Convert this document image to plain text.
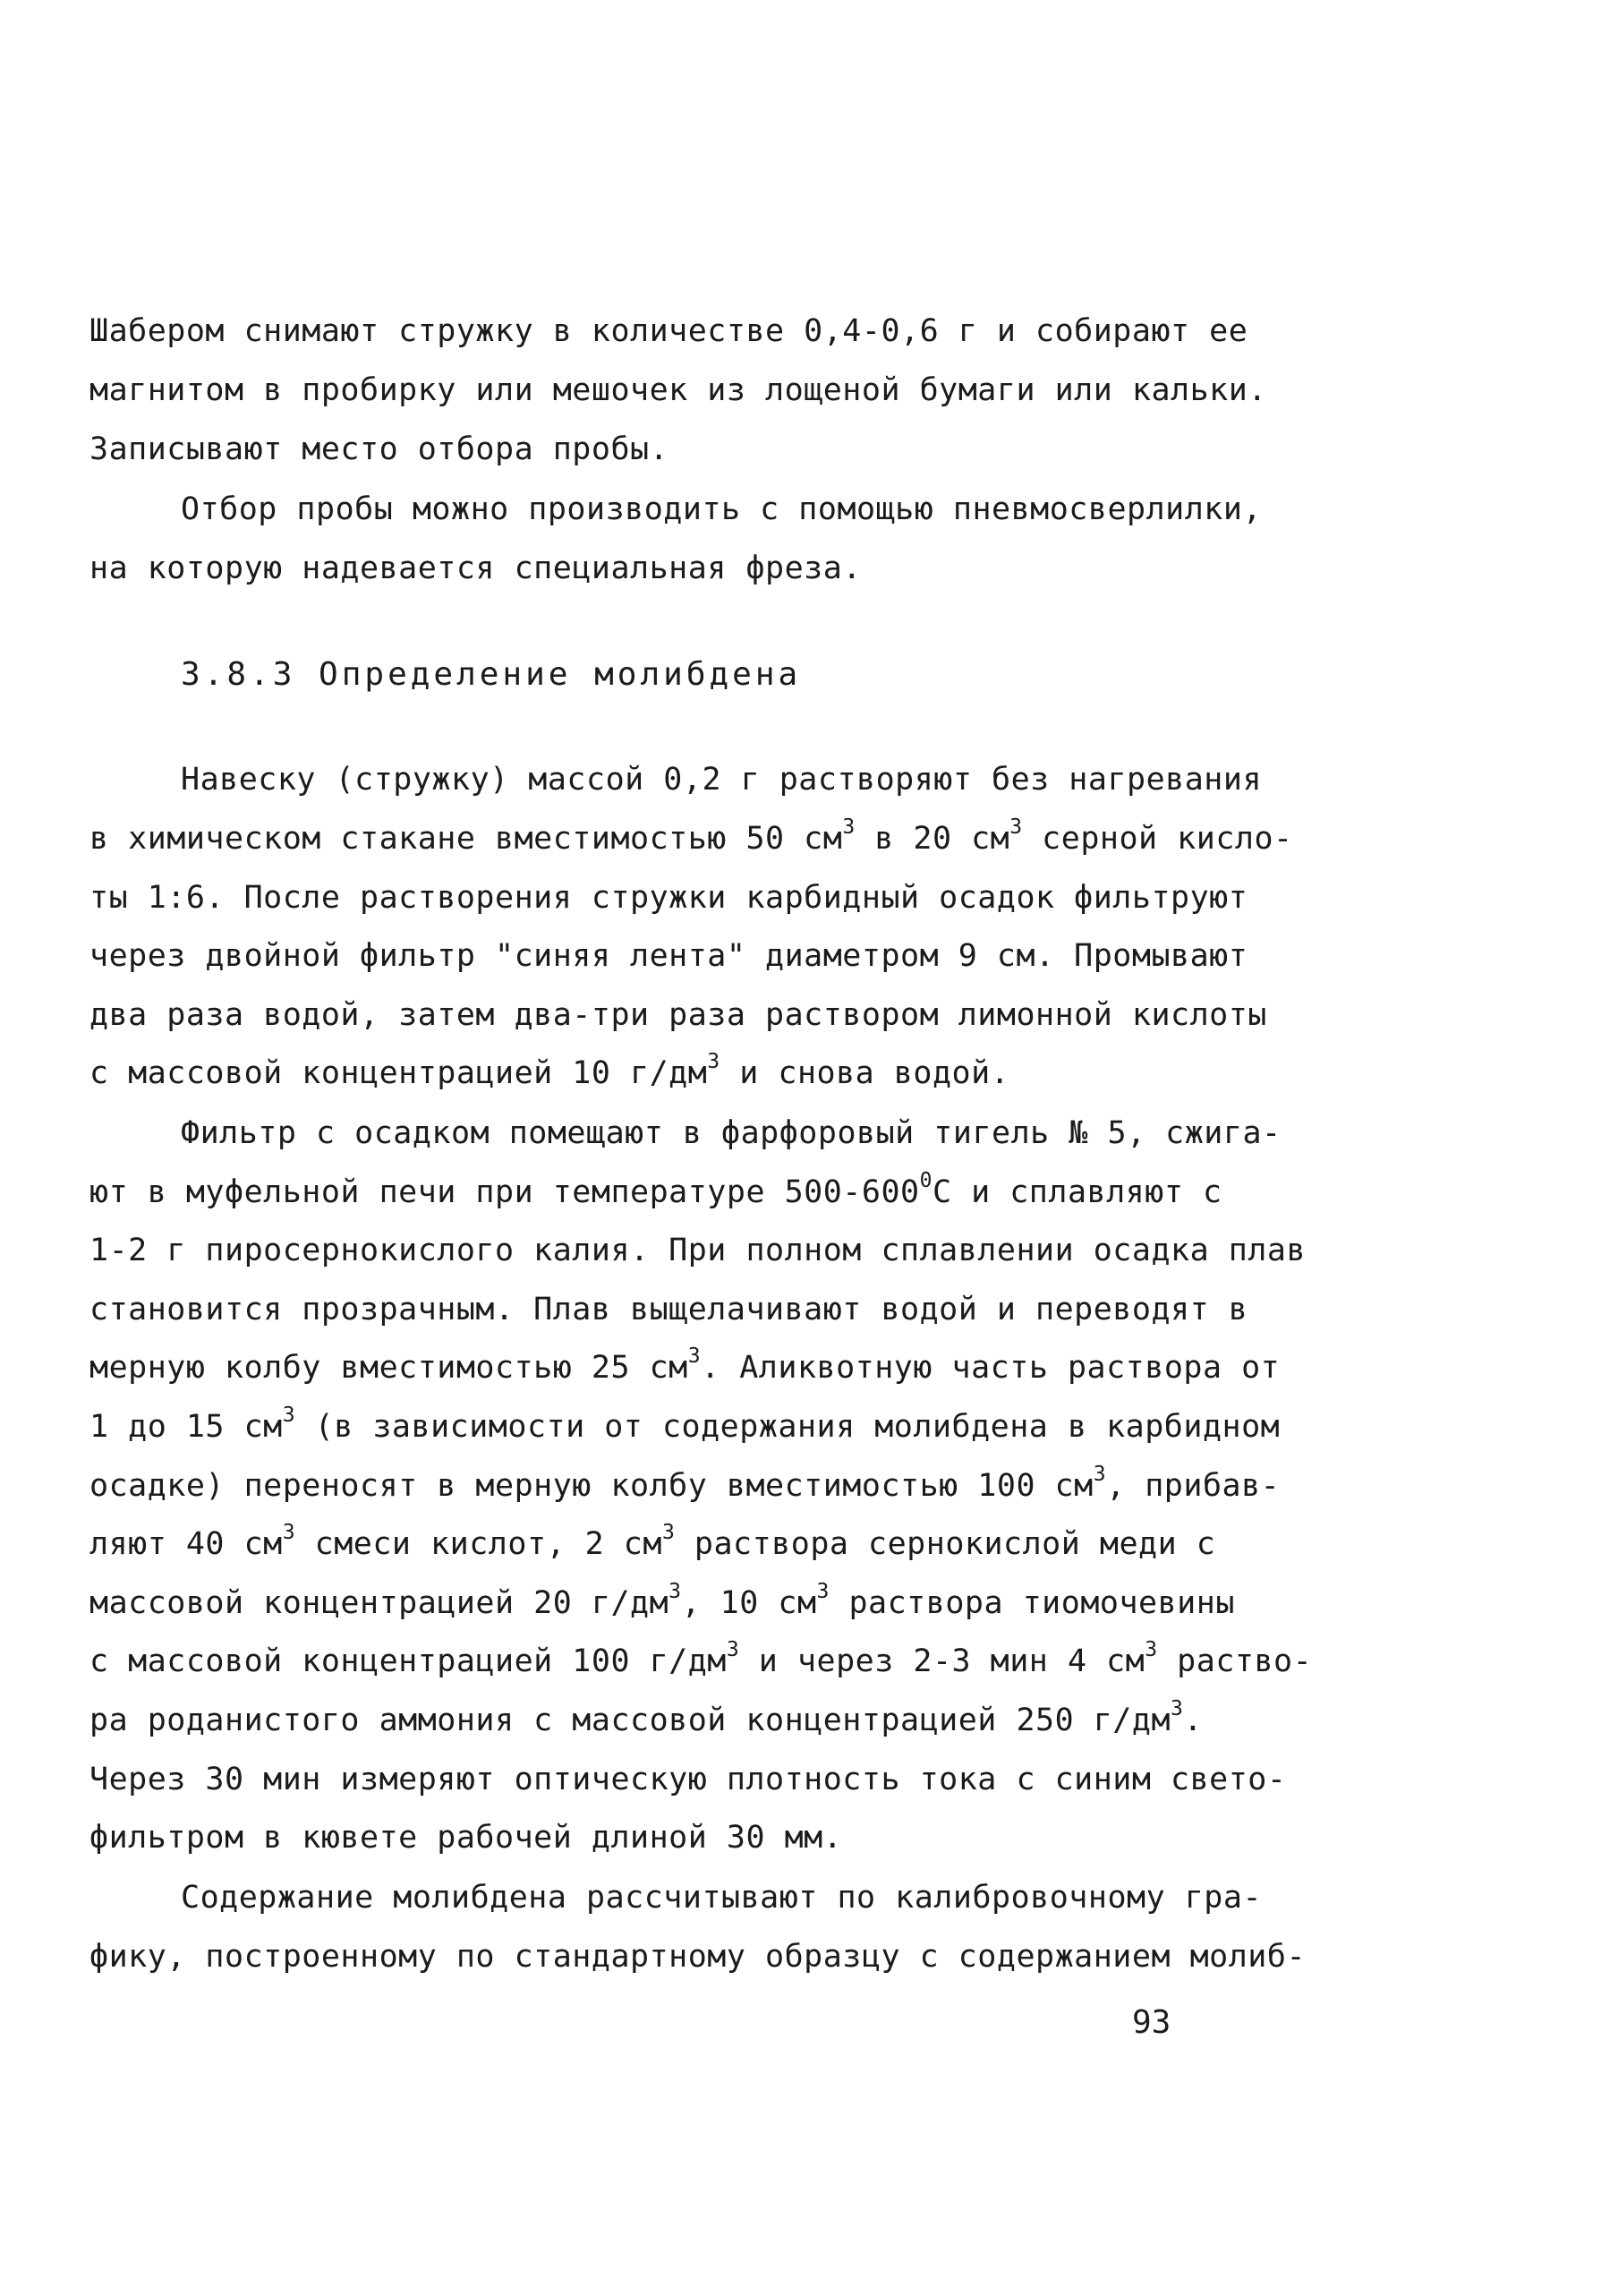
Шабером снимают стружку в количестве 0,4-0,6 г и собирают ее
магнитом в пробирку или мешочек из лощеной бумаги или кальки.
Записывают место отбора пробы.
Отбор пробы можно производить с помощью пневмосверлилки,
на которую надевается специальная фреза.
3.8.3 Определение молибдена
Навеску (стружку) массой 0,2 г растворяют без нагревания
в химическом стакане вместимостью 50 $см^3$ в 20 $см^3$ серной кисло-
ты 1:6. После растворения стружки карбидный осадок фильтруют
через двойной фильтр "синяя лента" диаметром 9 см. Промывают
два раза водой, затем два-три раза раствором лимонной кислоты
с массовой концентрацией 10 $г/дм^3$ и снова водой.
Фильтр с осадком помещают в фарфоровый тигель № 5, сжига-
ют в муфельной печи при температуре $500-600^0С$ и сплавляют с
1-2 г пиросернокислого калия. При полном сплавлении осадка плав
становится прозрачным. Плав выщелачивают водой и переводят в
мерную колбу вместимостью 25 $см^3$. Аликвотную часть раствора от
1 до 15 $см^3$ (в зависимости от содержания молибдена в карбидном
осадке) переносят в мерную колбу вместимостью 100 $см^3$, прибав-
ляют 40 $см^3$ смеси кислот, 2 $см^3$ раствора сернокислой меди с
массовой концентрацией 20 $г/дм^3$, 10 $см^3$ раствора тиомочевины
с массовой концентрацией 100 $г/дм^3$ и через 2-3 мин 4 $см^3$ раство-
ра роданистого аммония с массовой концентрацией 250 $г/дм^3$.
Через 30 мин измеряют оптическую плотность тока с синим свето-
фильтром в кювете рабочей длиной 30 мм.
Содержание молибдена рассчитывают по калибровочному гра-
фику, построенному по стандартному образцу с содержанием молиб-
93
